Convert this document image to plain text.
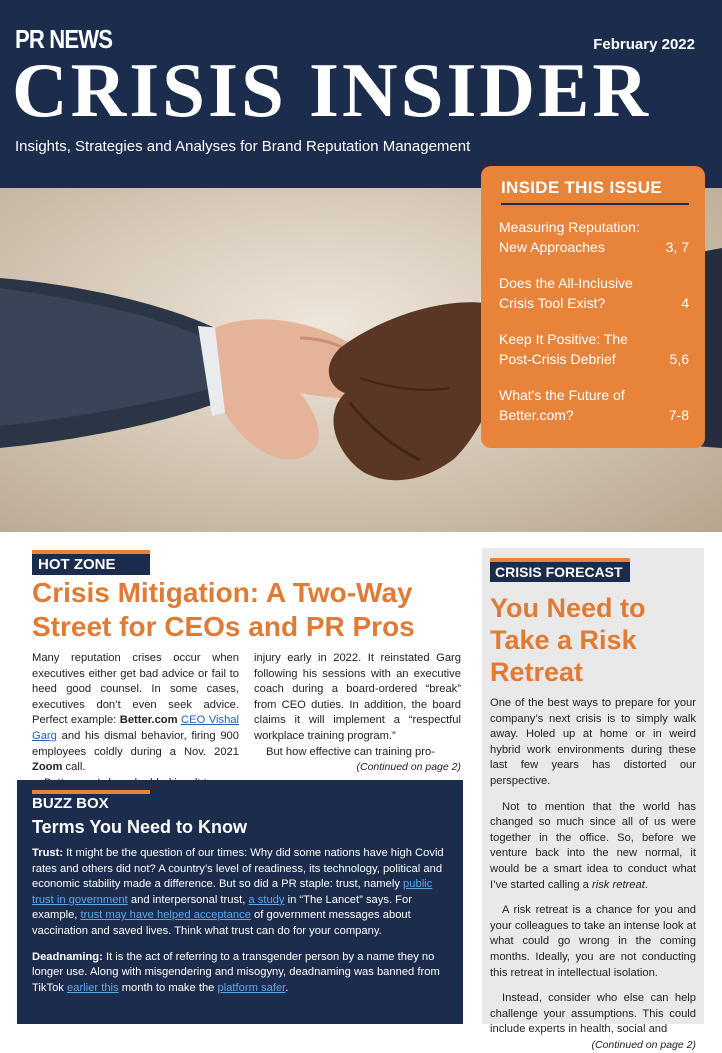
PR NEWS	February 2022
CRISIS INSIDER
Insights, Strategies and Analyses for Brand Reputation Management
INSIDE THIS ISSUE
Measuring Reputation: New Approaches	3, 7
Does the All-Inclusive Crisis Tool Exist?	4
Keep It Positive: The Post-Crisis Debrief	5,6
What's the Future of Better.com?	7-8
HOT ZONE
Crisis Mitigation: A Two-Way Street for CEOs and PR Pros

Many reputation crises occur when executives either get bad advice or fail to heed good counsel. In some cases, executives don’t even seek advice. Perfect example: Better.com CEO Vishal Garg and his dismal behavior, firing 900 employees coldly during a Nov. 2021 Zoom call.

injury early in 2022. It reinstated Garg following his sessions with an executive coach during a board-ordered “break” from CEO duties. In addition, the board claims it will implement a “respectful workplace training program.”

But how effective can training pro-

(Continued on page 2)
BUZZ BOX
Terms You Need to Know

Trust: It might be the question of our times: Why did some nations have high Covid rates and others did not? A country’s level of readiness, its technology, political and economic stability made a difference. But so did a PR staple: trust, namely public trust in government and interpersonal trust, a study in “The Lancet” says. For example, trust may have helped acceptance of government messages about vaccination and saved lives. Think what trust can do for your company.

Deadnaming: It is the act of referring to a transgender person by a name they no longer use. Along with misgendering and misogyny, deadnaming was banned from TikTok earlier this month to make the platform safer.

CRISIS FORECAST
You Need to Take a Risk Retreat

One of the best ways to prepare for your company’s next crisis is to simply walk away. Holed up at home or in weird hybrid work environments during these last few years has distorted our perspective.

Not to mention that the world has changed so much since all of us were together in the office. So, before we venture back into the new normal, it would be a smart idea to conduct what I’ve started calling a risk retreat.

A risk retreat is a chance for you and your colleagues to take an intense look at what could go wrong in the coming months. Ideally, you are not conducting this retreat in intellectual isolation.

Instead, consider who else can help challenge your assumptions. This could include experts in health, social and

(Continued on page 2)
